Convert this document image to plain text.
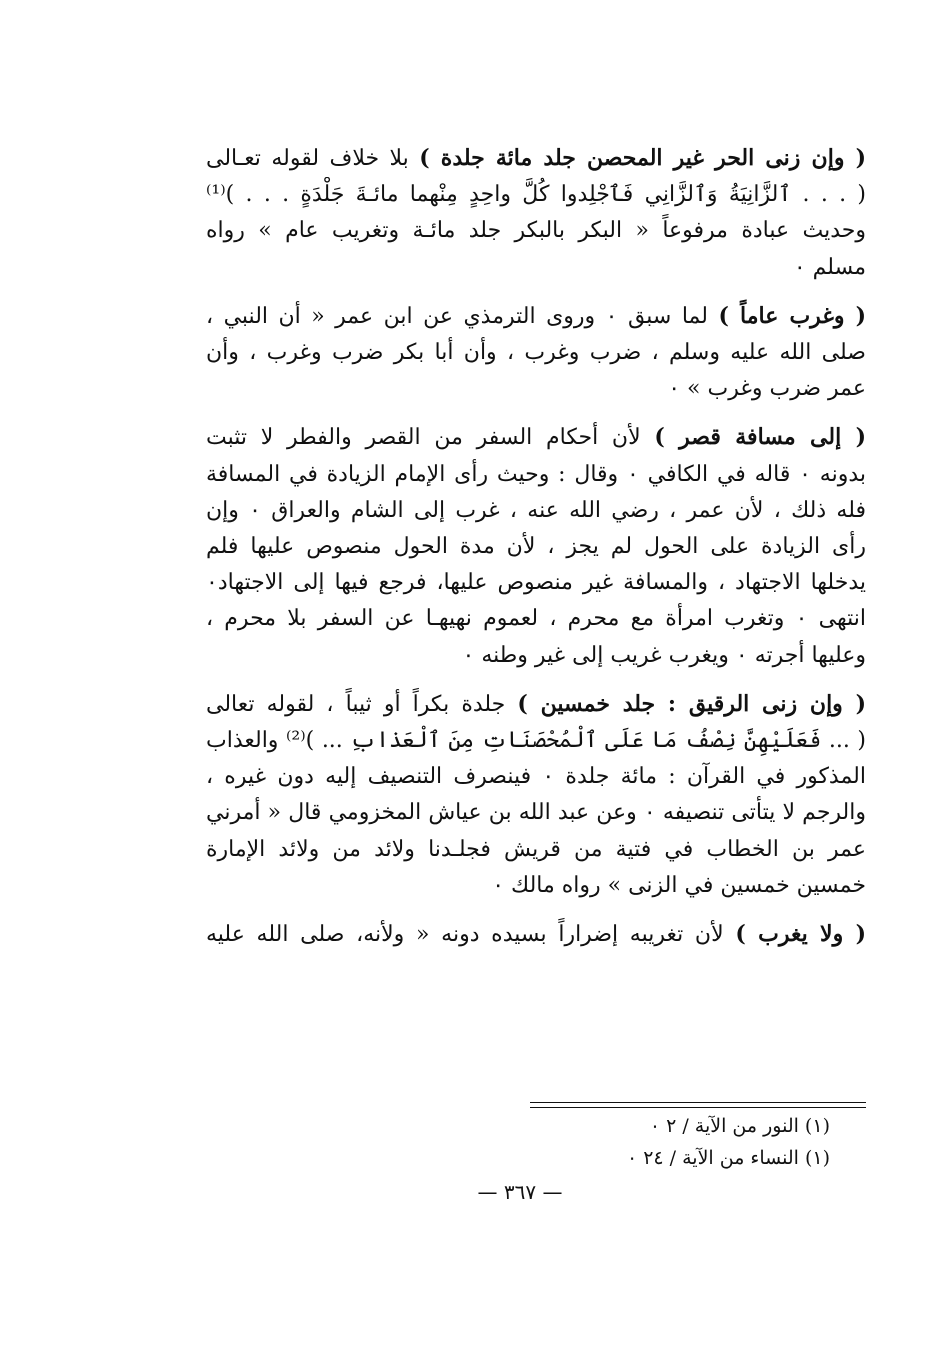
( وإن زنى الحر غير المحصن جلد مائة جلدة ) بلا خلاف لقوله تعـالى
( . . . ٱلزَّانِيَةُ وَٱلزَّانِي فَٱجْلِدوا كُلَّ واحِدٍ مِنْهما مائـةَ جَلْدَةٍ . . . )⁽¹⁾
وحديث عبادة مرفوعاً « البكر بالبكر جلد مائـة وتغريب عام » رواه
مسلم ٠
( وغرب عاماً ) لما سبق ٠ وروى الترمذي عن ابن عمر « أن النبي ،
صلى الله عليه وسلم ، ضرب وغرب ، وأن أبا بكر ضرب وغرب ، وأن
عمر ضرب وغرب » ٠
( إلى مسافة قصر ) لأن أحكام السفر من القصر والفطر لا تثبت
بدونه ٠ قاله في الكافي ٠ وقال : وحيث رأى الإمام الزيادة في المسافة
فله ذلك ، لأن عمر ، رضي الله عنه ، غرب إلى الشام والعراق ٠ وإن
رأى الزيادة على الحول لم يجز ، لأن مدة الحول منصوص عليها فلم
يدخلها الاجتهاد ، والمسافة غير منصوص عليها، فرجع فيها إلى الاجتهاد٠
انتهى ٠ وتغرب امرأة مع محرم ، لعموم نهيهـا عن السفر بلا محرم ،
وعليها أجرته ٠ ويغرب غريب إلى غير وطنه ٠
( وإن زنى الرقيق : جلد خمسين ) جلدة بكراً أو ثيباً ، لقوله تعالى
( ... فَعَلَيْهِنَّ نِصْفُ مَا عَلَى ٱلْمُحْصَنَاتِ مِنَ ٱلْعَذابِ ... )⁽²⁾ والعذاب
المذكور في القرآن : مائة جلدة ٠ فينصرف التنصيف إليه دون غيره ،
والرجم لا يتأتى تنصيفه ٠ وعن عبد الله بن عياش المخزومي قال « أمرني
عمر بن الخطاب في فتية من قريش فجلـدنا ولائد من ولائد الإمارة
خمسين خمسين في الزنى » رواه مالك ٠
( ولا يغرب ) لأن تغريبه إضراراً بسيده دونه « ولأنه، صلى الله عليه
(١) النور من الآية / ٢ ٠
(١) النساء من الآية / ٢٤ ٠
— ٣٦٧ —
